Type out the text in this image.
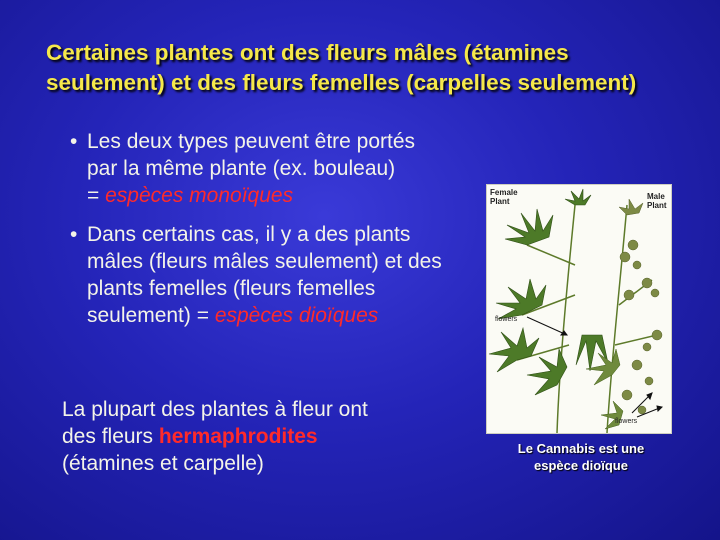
Certaines plantes ont des fleurs mâles (étamines
seulement) et des fleurs femelles (carpelles seulement)
• Les deux types peuvent être portés
par la même plante (ex. bouleau)
= espèces monoïques
• Dans certains cas, il y a des plants
mâles (fleurs mâles seulement) et des
plants femelles (fleurs femelles
seulement) = espèces dioïques
La plupart des plantes à fleur ont
des fleurs hermaphrodites
(étamines et carpelle)
Female
Plant
Male
Plant
flowers
flowers
Le Cannabis est une
espèce dioïque
